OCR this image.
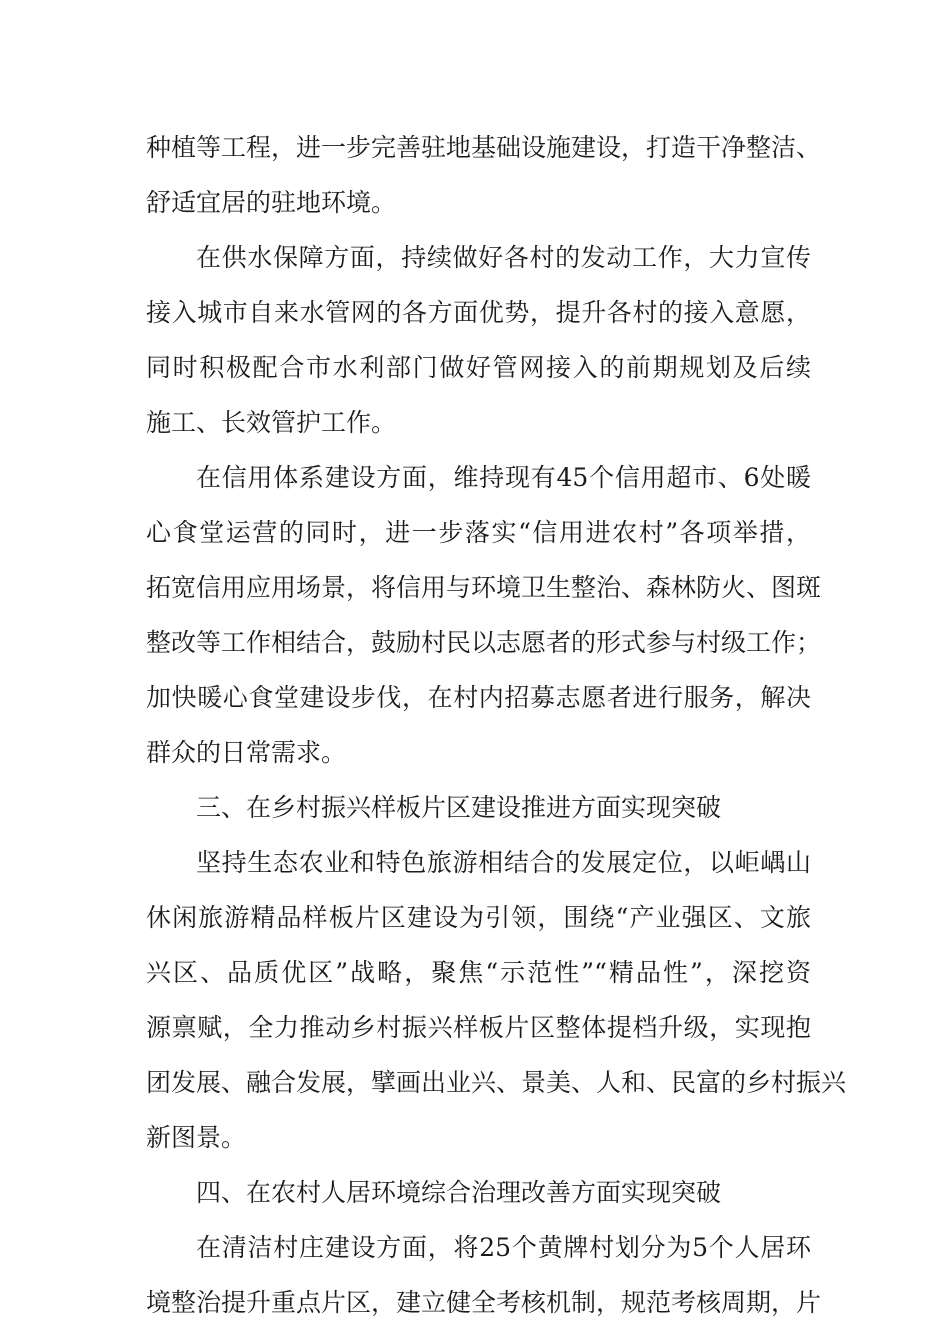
种植等工程，进一步完善驻地基础设施建设，打造干净整洁、
舒适宜居的驻地环境。
在供水保障方面，持续做好各村的发动工作，大力宣传
接入城市自来水管网的各方面优势，提升各村的接入意愿，
同时积极配合市水利部门做好管网接入的前期规划及后续
施工、长效管护工作。
在信用体系建设方面，维持现有45个信用超市、6处暖
心食堂运营的同时，进一步落实“信用进农村”各项举措，
拓宽信用应用场景，将信用与环境卫生整治、森林防火、图斑
整改等工作相结合，鼓励村民以志愿者的形式参与村级工作；
加快暖心食堂建设步伐，在村内招募志愿者进行服务，解决
群众的日常需求。
三、在乡村振兴样板片区建设推进方面实现突破
坚持生态农业和特色旅游相结合的发展定位，以岠嵎山
休闲旅游精品样板片区建设为引领，围绕“产业强区、文旅
兴区、品质优区”战略，聚焦“示范性”“精品性”，深挖资
源禀赋，全力推动乡村振兴样板片区整体提档升级，实现抱
团发展、融合发展，擘画出业兴、景美、人和、民富的乡村振兴
新图景。
四、在农村人居环境综合治理改善方面实现突破
在清洁村庄建设方面，将25个黄牌村划分为5个人居环
境整治提升重点片区，建立健全考核机制，规范考核周期，片
